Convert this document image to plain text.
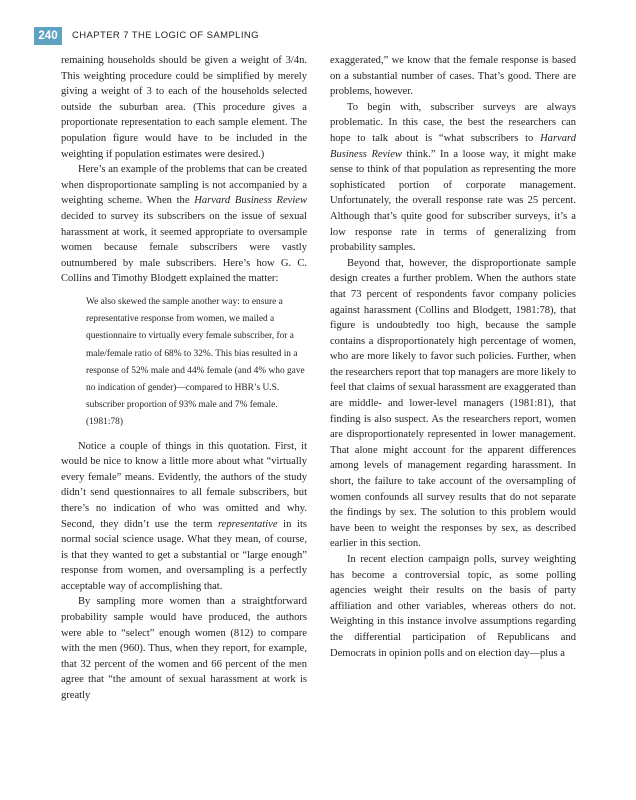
240	CHAPTER 7 THE LOGIC OF SAMPLING

remaining households should be given a weight of 3/4n. This weighting procedure could be simplified by merely giving a weight of 3 to each of the households selected outside the suburban area. (This procedure gives a proportionate representation to each sample element. The population figure would have to be included in the weighting if population estimates were desired.)

Here’s an example of the problems that can be created when disproportionate sampling is not accompanied by a weighting scheme. When the Harvard Business Review decided to survey its subscribers on the issue of sexual harassment at work, it seemed appropriate to oversample women because female subscribers were vastly outnumbered by male subscribers. Here’s how G. C. Collins and Timothy Blodgett explained the matter:

We also skewed the sample another way: to ensure a representative response from women, we mailed a questionnaire to virtually every female subscriber, for a male/female ratio of 68% to 32%. This bias resulted in a response of 52% male and 44% female (and 4% who gave no indication of gender)—compared to HBR’s U.S. subscriber proportion of 93% male and 7% female. (1981:78)

Notice a couple of things in this quotation. First, it would be nice to know a little more about what “virtually every female” means. Evidently, the authors of the study didn’t send questionnaires to all female subscribers, but there’s no indication of who was omitted and why. Second, they didn’t use the term representative in its normal social science usage. What they mean, of course, is that they wanted to get a substantial or “large enough” response from women, and oversampling is a perfectly acceptable way of accomplishing that.

By sampling more women than a straightforward probability sample would have produced, the authors were able to “select” enough women (812) to compare with the men (960). Thus, when they report, for example, that 32 percent of the women and 66 percent of the men agree that “the amount of sexual harassment at work is greatly

exaggerated,” we know that the female response is based on a substantial number of cases. That’s good. There are problems, however.

To begin with, subscriber surveys are always problematic. In this case, the best the researchers can hope to talk about is “what subscribers to Harvard Business Review think.” In a loose way, it might make sense to think of that population as representing the more sophisticated portion of corporate management. Unfortunately, the overall response rate was 25 percent. Although that’s quite good for subscriber surveys, it’s a low response rate in terms of generalizing from probability samples.

Beyond that, however, the disproportionate sample design creates a further problem. When the authors state that 73 percent of respondents favor company policies against harassment (Collins and Blodgett, 1981:78), that figure is undoubtedly too high, because the sample contains a disproportionately high percentage of women, who are more likely to favor such policies. Further, when the researchers report that top managers are more likely to feel that claims of sexual harassment are exaggerated than are middle- and lower-level managers (1981:81), that finding is also suspect. As the researchers report, women are disproportionately represented in lower management. That alone might account for the apparent differences among levels of management regarding harassment. In short, the failure to take account of the oversampling of women confounds all survey results that do not separate the findings by sex. The solution to this problem would have been to weight the responses by sex, as described earlier in this section.

In recent election campaign polls, survey weighting has become a controversial topic, as some polling agencies weight their results on the basis of party affiliation and other variables, whereas others do not. Weighting in this instance involve assumptions regarding the differential participation of Republicans and Democrats in opinion polls and on election day—plus a
